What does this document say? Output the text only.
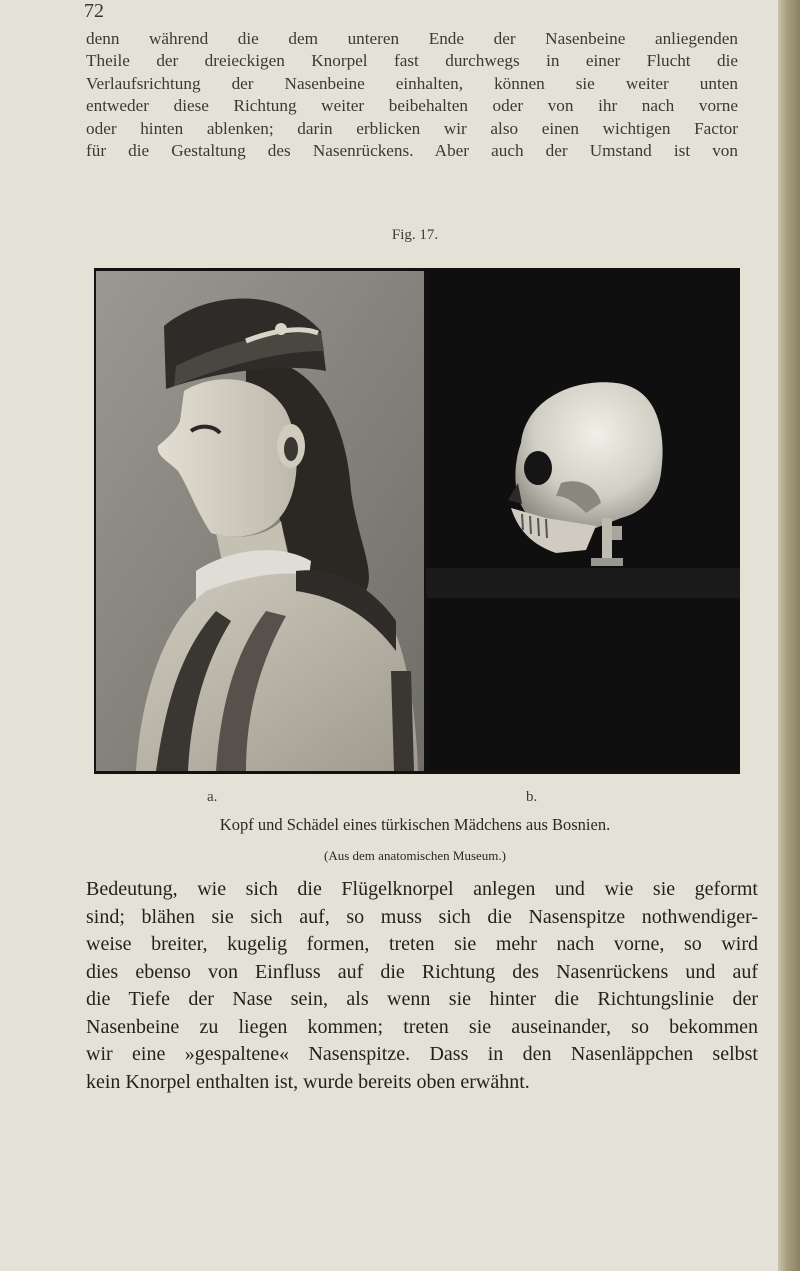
72
denn während die dem unteren Ende der Nasenbeine anliegenden
Theile der dreieckigen Knorpel fast durchwegs in einer Flucht die
Verlaufsrichtung der Nasenbeine einhalten, können sie weiter unten
entweder diese Richtung weiter beibehalten oder von ihr nach vorne
oder hinten ablenken; darin erblicken wir also einen wichtigen Factor
für die Gestaltung des Nasenrückens. Aber auch der Umstand ist von
Fig. 17.
a.	b.
Kopf und Schädel eines türkischen Mädchens aus Bosnien.
(Aus dem anatomischen Museum.)
Bedeutung, wie sich die Flügelknorpel anlegen und wie sie geformt
sind; blähen sie sich auf, so muss sich die Nasenspitze nothwendiger-
weise breiter, kugelig formen, treten sie mehr nach vorne, so wird
dies ebenso von Einfluss auf die Richtung des Nasenrückens und auf
die Tiefe der Nase sein, als wenn sie hinter die Richtungslinie der
Nasenbeine zu liegen kommen; treten sie auseinander, so bekommen
wir eine »gespaltene« Nasenspitze. Dass in den Nasenläppchen selbst
kein Knorpel enthalten ist, wurde bereits oben erwähnt.
